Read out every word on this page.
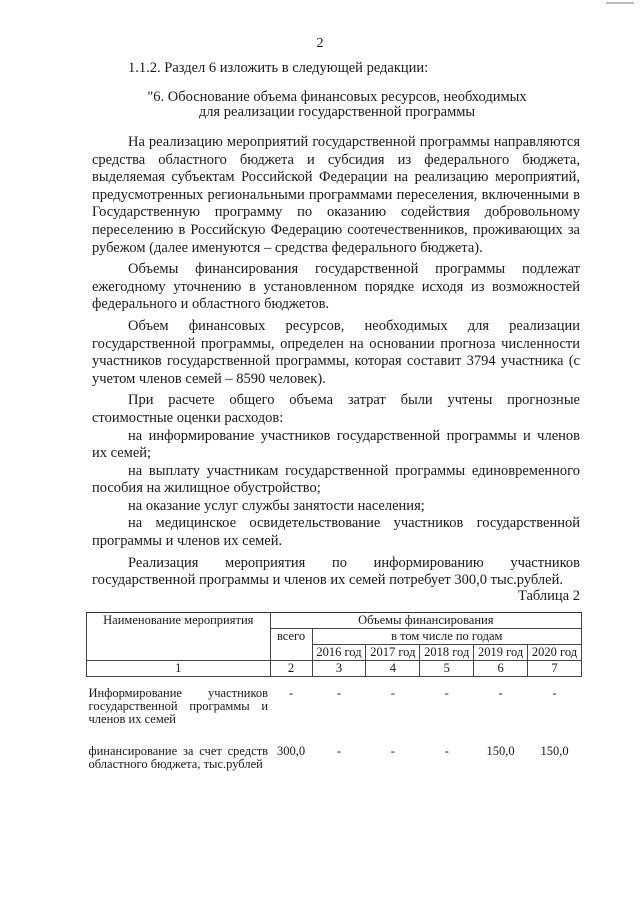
2
1.1.2. Раздел 6 изложить в следующей редакции:
"6. Обоснование объема финансовых ресурсов, необходимых
для реализации государственной программы

На реализацию мероприятий государственной программы направляются средства областного бюджета и субсидия из федерального бюджета, выделяемая субъектам Российской Федерации на реализацию мероприятий, предусмотренных региональными программами переселения, включенными в Государственную программу по оказанию содействия добровольному переселению в Российскую Федерацию соотечественников, проживающих за рубежом (далее именуются – средства федерального бюджета).

Объемы финансирования государственной программы подлежат ежегодному уточнению в установленном порядке исходя из возможностей федерального и областного бюджетов.

Объем финансовых ресурсов, необходимых для реализации государственной программы, определен на основании прогноза численности участников государственной программы, которая составит 3794 участника (с учетом членов семей – 8590 человек).

При расчете общего объема затрат были учтены прогнозные стоимостные оценки расходов:

на информирование участников государственной программы и членов их семей;

на выплату участникам государственной программы единовременного пособия на жилищное обустройство;

на оказание услуг службы занятости населения;

на медицинское освидетельствование участников государственной программы и членов их семей.

Реализация мероприятия по информированию участников государственной программы и членов их семей потребует 300,0 тыс.рублей.

Таблица 2
Наименование мероприятия	Объемы финансирования					
	всего	в том числе по годам				
		2016 год	2017 год	2018 год	2019 год	2020 год
1	2	3	4	5	6	7
Информирование участников государственной программы и членов их семей	-	-	-	-	-	-
финансирование за счет средств областного бюджета, тыс.рублей	300,0	-	-	-	150,0	150,0
